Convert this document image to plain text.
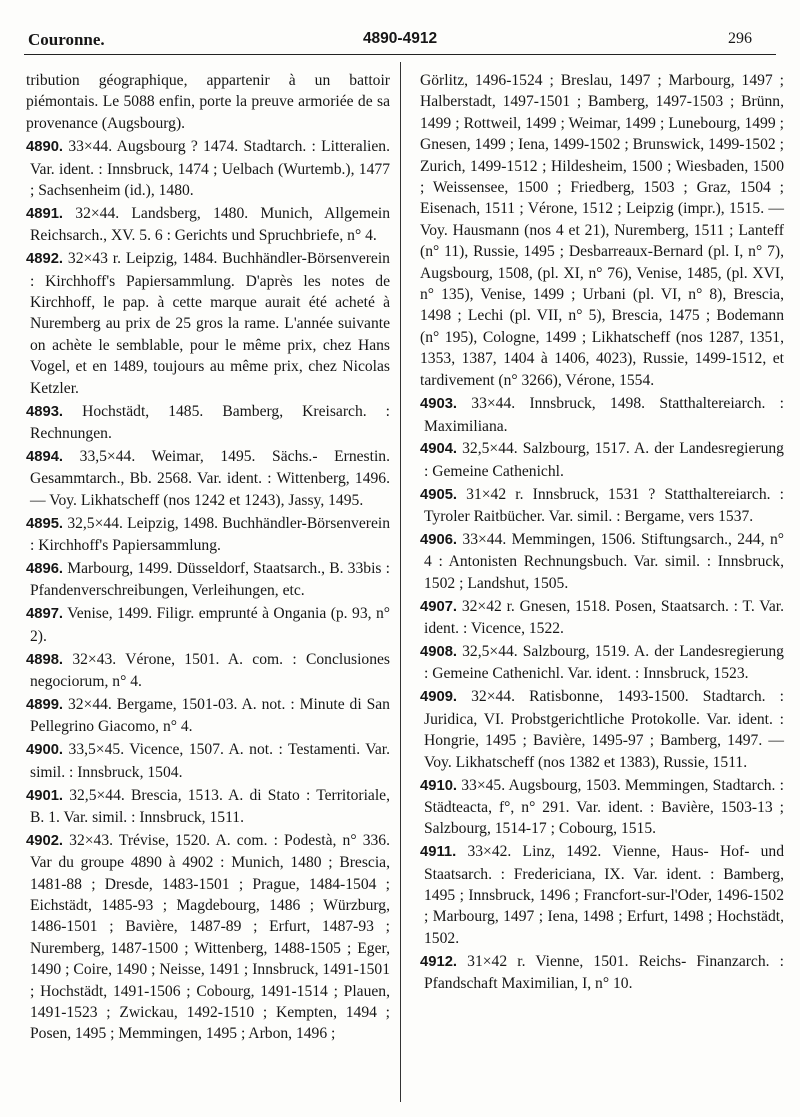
Couronne.	4890-4912	296

tribution géographique, appartenir à un battoir piémontais. Le 5088 enfin, porte la preuve armoriée de sa provenance (Augsbourg).

4890. 33×44. Augsbourg ? 1474. Stadtarch. : Litteralien. Var. ident. : Innsbruck, 1474 ; Uelbach (Wurtemb.), 1477 ; Sachsenheim (id.), 1480.

4891. 32×44. Landsberg, 1480. Munich, Allgemein Reichsarch., XV. 5. 6 : Gerichts und Spruchbriefe, n° 4.

4892. 32×43 r. Leipzig, 1484. Buchhändler-Börsenverein : Kirchhoff's Papiersammlung. D'après les notes de Kirchhoff, le pap. à cette marque aurait été acheté à Nuremberg au prix de 25 gros la rame. L'année suivante on achète le semblable, pour le même prix, chez Hans Vogel, et en 1489, toujours au même prix, chez Nicolas Ketzler.

4893. Hochstädt, 1485. Bamberg, Kreisarch. : Rechnungen.

4894. 33,5×44. Weimar, 1495. Sächs.- Ernestin. Gesammtarch., Bb. 2568. Var. ident. : Wittenberg, 1496. — Voy. Likhatscheff (nos 1242 et 1243), Jassy, 1495.

4895. 32,5×44. Leipzig, 1498. Buchhändler-Börsenverein : Kirchhoff's Papiersammlung.

4896. Marbourg, 1499. Düsseldorf, Staatsarch., B. 33bis : Pfandenverschreibungen, Verleihungen, etc.

4897. Venise, 1499. Filigr. emprunté à Ongania (p. 93, n° 2).

4898. 32×43. Vérone, 1501. A. com. : Conclusiones negociorum, n° 4.

4899. 32×44. Bergame, 1501-03. A. not. : Minute di San Pellegrino Giacomo, n° 4.

4900. 33,5×45. Vicence, 1507. A. not. : Testamenti. Var. simil. : Innsbruck, 1504.

4901. 32,5×44. Brescia, 1513. A. di Stato : Territoriale, B. 1. Var. simil. : Innsbruck, 1511.

4902. 32×43. Trévise, 1520. A. com. : Podestà, n° 336. Var du groupe 4890 à 4902 : Munich, 1480 ; Brescia, 1481-88 ; Dresde, 1483-1501 ; Prague, 1484-1504 ; Eichstädt, 1485-93 ; Magdebourg, 1486 ; Würzburg, 1486-1501 ; Bavière, 1487-89 ; Erfurt, 1487-93 ; Nuremberg, 1487-1500 ; Wittenberg, 1488-1505 ; Eger, 1490 ; Coire, 1490 ; Neisse, 1491 ; Innsbruck, 1491-1501 ; Hochstädt, 1491-1506 ; Cobourg, 1491-1514 ; Plauen, 1491-1523 ; Zwickau, 1492-1510 ; Kempten, 1494 ; Posen, 1495 ; Memmingen, 1495 ; Arbon, 1496 ;

Görlitz, 1496-1524 ; Breslau, 1497 ; Marbourg, 1497 ; Halberstadt, 1497-1501 ; Bamberg, 1497-1503 ; Brünn, 1499 ; Rottweil, 1499 ; Weimar, 1499 ; Lunebourg, 1499 ; Gnesen, 1499 ; Iena, 1499-1502 ; Brunswick, 1499-1502 ; Zurich, 1499-1512 ; Hildesheim, 1500 ; Wiesbaden, 1500 ; Weissensee, 1500 ; Friedberg, 1503 ; Graz, 1504 ; Eisenach, 1511 ; Vérone, 1512 ; Leipzig (impr.), 1515. — Voy. Hausmann (nos 4 et 21), Nuremberg, 1511 ; Lanteff (n° 11), Russie, 1495 ; Desbarreaux-Bernard (pl. I, n° 7), Augsbourg, 1508, (pl. XI, n° 76), Venise, 1485, (pl. XVI, n° 135), Venise, 1499 ; Urbani (pl. VI, n° 8), Brescia, 1498 ; Lechi (pl. VII, n° 5), Brescia, 1475 ; Bodemann (n° 195), Cologne, 1499 ; Likhatscheff (nos 1287, 1351, 1353, 1387, 1404 à 1406, 4023), Russie, 1499-1512, et tardivement (n° 3266), Vérone, 1554.

4903. 33×44. Innsbruck, 1498. Statthaltereiarch. : Maximiliana.

4904. 32,5×44. Salzbourg, 1517. A. der Landesregierung : Gemeine Cathenichl.

4905. 31×42 r. Innsbruck, 1531 ? Statthaltereiarch. : Tyroler Raitbücher. Var. simil. : Bergame, vers 1537.

4906. 33×44. Memmingen, 1506. Stiftungsarch., 244, n° 4 : Antonisten Rechnungsbuch. Var. simil. : Innsbruck, 1502 ; Landshut, 1505.

4907. 32×42 r. Gnesen, 1518. Posen, Staatsarch. : T. Var. ident. : Vicence, 1522.

4908. 32,5×44. Salzbourg, 1519. A. der Landesregierung : Gemeine Cathenichl. Var. ident. : Innsbruck, 1523.

4909. 32×44. Ratisbonne, 1493-1500. Stadtarch. : Juridica, VI. Probstgerichtliche Protokolle. Var. ident. : Hongrie, 1495 ; Bavière, 1495-97 ; Bamberg, 1497. — Voy. Likhatscheff (nos 1382 et 1383), Russie, 1511.

4910. 33×45. Augsbourg, 1503. Memmingen, Stadtarch. : Städteacta, f°, n° 291. Var. ident. : Bavière, 1503-13 ; Salzbourg, 1514-17 ; Cobourg, 1515.

4911. 33×42. Linz, 1492. Vienne, Haus- Hof- und Staatsarch. : Fredericiana, IX. Var. ident. : Bamberg, 1495 ; Innsbruck, 1496 ; Francfort-sur-l'Oder, 1496-1502 ; Marbourg, 1497 ; Iena, 1498 ; Erfurt, 1498 ; Hochstädt, 1502.

4912. 31×42 r. Vienne, 1501. Reichs- Finanzarch. : Pfandschaft Maximilian, I, n° 10.
